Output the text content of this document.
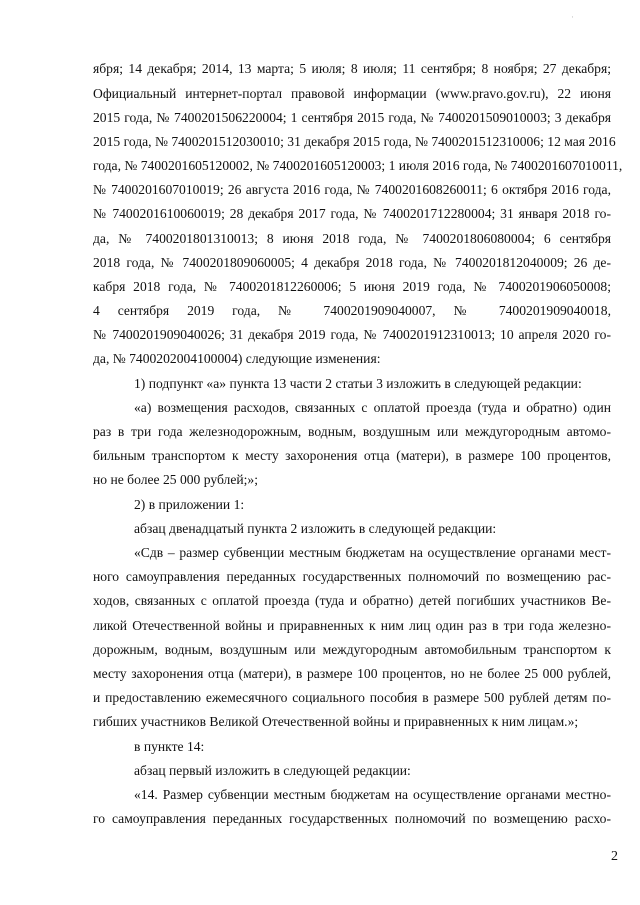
·
ября; 14 декабря; 2014, 13 марта; 5 июля; 8 июля; 11 сентября; 8 ноября; 27 декабря;
Официальный интернет-портал правовой информации (www.pravo.gov.ru), 22 июня
2015 года, № 7400201506220004; 1 сентября 2015 года, № 7400201509010003; 3 декабря
2015 года, № 7400201512030010; 31 декабря 2015 года, № 7400201512310006; 12 мая 2016
года, № 7400201605120002, № 7400201605120003; 1 июля 2016 года, № 7400201607010011,
№ 7400201607010019; 26 августа 2016 года, № 7400201608260011; 6 октября 2016 года,
№ 7400201610060019; 28 декабря 2017 года, № 7400201712280004; 31 января 2018 го-
да, № 7400201801310013; 8 июня 2018 года, № 7400201806080004; 6 сентября
2018 года, № 7400201809060005; 4 декабря 2018 года, № 7400201812040009; 26 де-
кабря 2018 года, № 7400201812260006; 5 июня 2019 года, № 7400201906050008;
4 сентября 2019 года, № 7400201909040007, № 7400201909040018,
№ 7400201909040026; 31 декабря 2019 года, № 7400201912310013; 10 апреля 2020 го-
да, № 7400202004100004) следующие изменения:
1) подпункт «а» пункта 13 части 2 статьи 3 изложить в следующей редакции:
«а) возмещения расходов, связанных с оплатой проезда (туда и обратно) один
раз в три года железнодорожным, водным, воздушным или междугородным автомо-
бильным транспортом к месту захоронения отца (матери), в размере 100 процентов,
но не более 25 000 рублей;»;
2) в приложении 1:
абзац двенадцатый пункта 2 изложить в следующей редакции:
«Сдв – размер субвенции местным бюджетам на осуществление органами мест-
ного самоуправления переданных государственных полномочий по возмещению рас-
ходов, связанных с оплатой проезда (туда и обратно) детей погибших участников Ве-
ликой Отечественной войны и приравненных к ним лиц один раз в три года железно-
дорожным, водным, воздушным или междугородным автомобильным транспортом к
месту захоронения отца (матери), в размере 100 процентов, но не более 25 000 рублей,
и предоставлению ежемесячного социального пособия в размере 500 рублей детям по-
гибших участников Великой Отечественной войны и приравненных к ним лицам.»;
в пункте 14:
абзац первый изложить в следующей редакции:
«14. Размер субвенции местным бюджетам на осуществление органами местно-
го самоуправления переданных государственных полномочий по возмещению расхо-
2
